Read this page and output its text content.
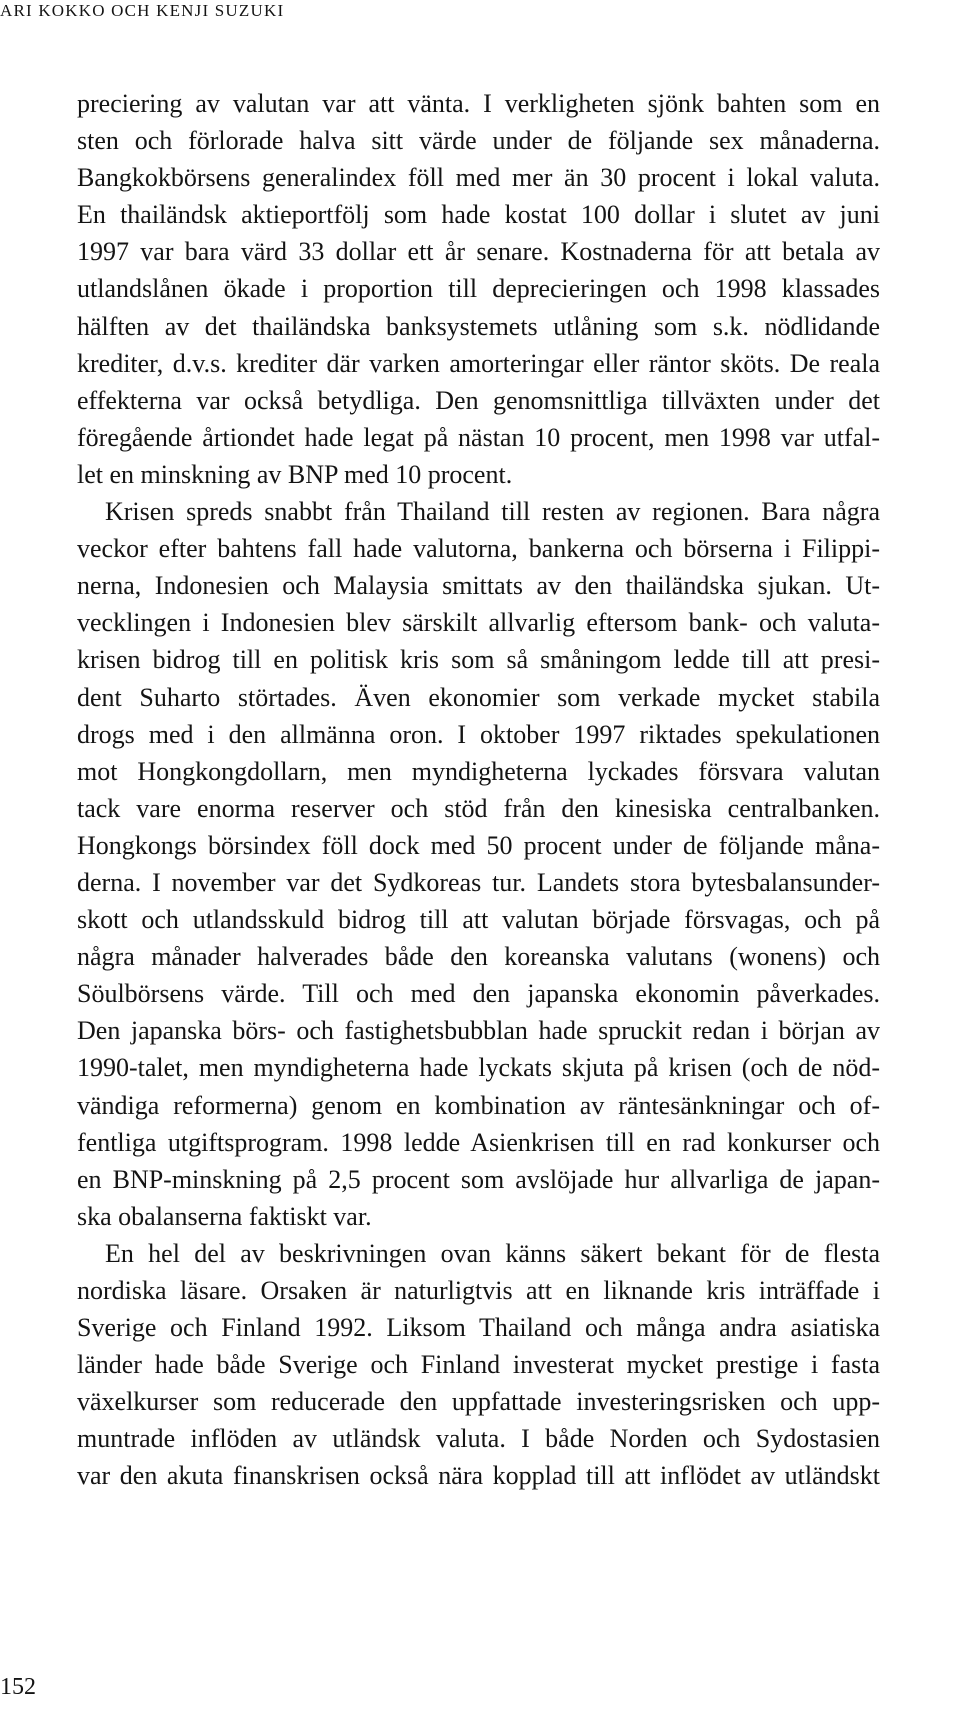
ARI KOKKO OCH KENJI SUZUKI
preciering av valutan var att vänta. I verkligheten sjönk bahten som en
sten och förlorade halva sitt värde under de följande sex månaderna.
Bangkokbörsens generalindex föll med mer än 30 procent i lokal valuta.
En thailändsk aktieportfölj som hade kostat 100 dollar i slutet av juni
1997 var bara värd 33 dollar ett år senare. Kostnaderna för att betala av
utlandslånen ökade i proportion till deprecieringen och 1998 klassades
hälften av det thailändska banksystemets utlåning som s.k. nödlidande
krediter, d.v.s. krediter där varken amorteringar eller räntor sköts. De reala
effekterna var också betydliga. Den genomsnittliga tillväxten under det
föregående årtiondet hade legat på nästan 10 procent, men 1998 var utfal-
let en minskning av BNP med 10 procent.
Krisen spreds snabbt från Thailand till resten av regionen. Bara några
veckor efter bahtens fall hade valutorna, bankerna och börserna i Filippi-
nerna, Indonesien och Malaysia smittats av den thailändska sjukan. Ut-
vecklingen i Indonesien blev särskilt allvarlig eftersom bank- och valuta-
krisen bidrog till en politisk kris som så småningom ledde till att presi-
dent Suharto störtades. Även ekonomier som verkade mycket stabila
drogs med i den allmänna oron. I oktober 1997 riktades spekulationen
mot Hongkongdollarn, men myndigheterna lyckades försvara valutan
tack vare enorma reserver och stöd från den kinesiska centralbanken.
Hongkongs börsindex föll dock med 50 procent under de följande måna-
derna. I november var det Sydkoreas tur. Landets stora bytesbalansunder-
skott och utlandsskuld bidrog till att valutan började försvagas, och på
några månader halverades både den koreanska valutans (wonens) och
Söulbörsens värde. Till och med den japanska ekonomin påverkades.
Den japanska börs- och fastighetsbubblan hade spruckit redan i början av
1990-talet, men myndigheterna hade lyckats skjuta på krisen (och de nöd-
vändiga reformerna) genom en kombination av räntesänkningar och of-
fentliga utgiftsprogram. 1998 ledde Asienkrisen till en rad konkurser och
en BNP-minskning på 2,5 procent som avslöjade hur allvarliga de japan-
ska obalanserna faktiskt var.
En hel del av beskrivningen ovan känns säkert bekant för de flesta
nordiska läsare. Orsaken är naturligtvis att en liknande kris inträffade i
Sverige och Finland 1992. Liksom Thailand och många andra asiatiska
länder hade både Sverige och Finland investerat mycket prestige i fasta
växelkurser som reducerade den uppfattade investeringsrisken och upp-
muntrade inflöden av utländsk valuta. I både Norden och Sydostasien
var den akuta finanskrisen också nära kopplad till att inflödet av utländskt
152
